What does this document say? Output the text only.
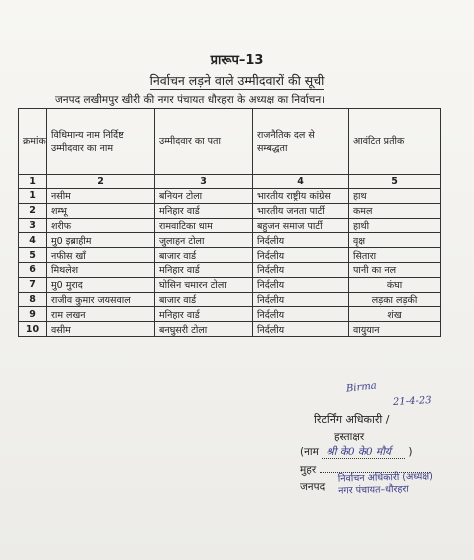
प्रारूप–13
निर्वाचन लड़ने वाले उम्मीदवारों की सूची
जनपद लखीमपुर खीरी की नगर पंचायत धौरहरा के अध्यक्ष का निर्वाचन।
क्रमांक	विधिमान्य नाम निर्दिष्ट उम्मीदवार का नाम	उम्मीदवार का पता	राजनैतिक दल से सम्बद्धता	आवंटित प्रतीक
1	2	3	4	5
1	नसीम	बनियन टोला	भारतीय राष्ट्रीय कांग्रेस	हाथ
2	शम्भू	मनिहार वार्ड	भारतीय जनता पार्टी	कमल
3	शरीफ	रामवाटिका धाम	बहुजन समाज पार्टी	हाथी
4	मु0 इब्राहीम	जुलाहन टोला	निर्दलीय	वृक्ष
5	नफीस खाँ	बाजार वार्ड	निर्दलीय	सितारा
6	मिथलेश	मनिहार वार्ड	निर्दलीय	पानी का नल
7	मु0 मुराद	घोसिन चमारन टोला	निर्दलीय	कंघा
8	राजीव कुमार जयसवाल	बाजार वार्ड	निर्दलीय	लड़का लड़की
9	राम लखन	मनिहार वार्ड	निर्दलीय	शंख
10	वसीम	बनघुसरी टोला	निर्दलीय	वायुयान
Birma
21-4-23
रिटर्निंग अधिकारी /
हस्ताक्षर
(नाम श्री के0 के0 मौर्य )
मुहर
जनपद
निर्वाचन अधिकारी (अध्यक्ष)
नगर पंचायत–धौरहरा
